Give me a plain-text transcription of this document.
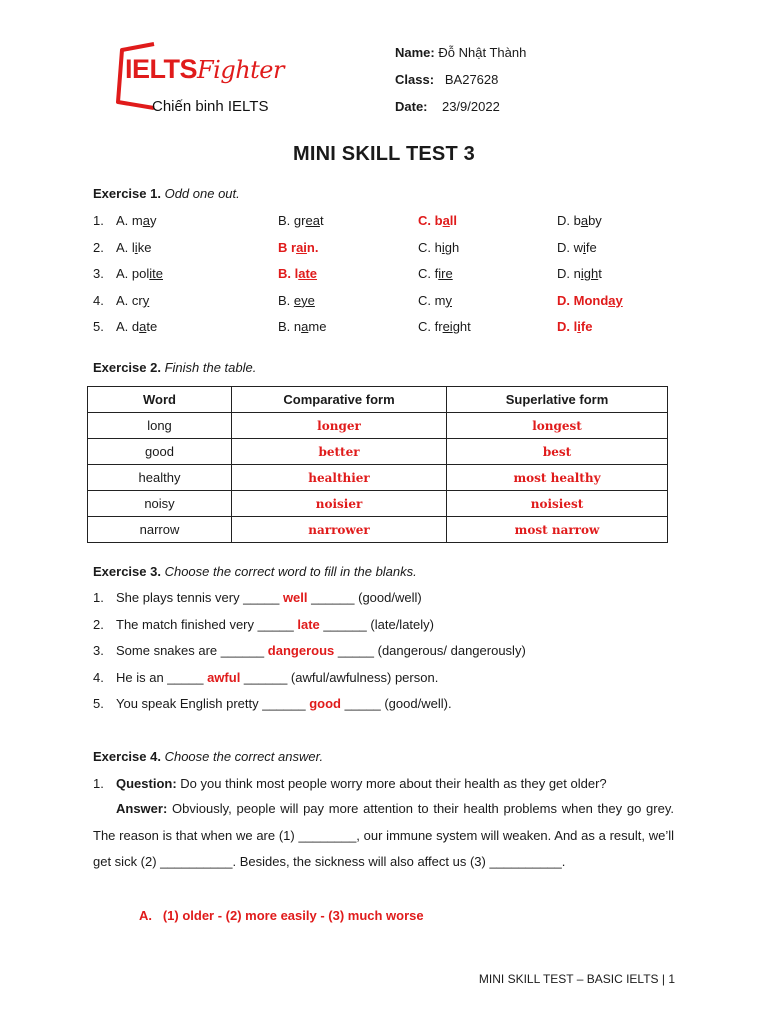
IELTSFighter
Chiến binh IELTS
Name: Đỗ Nhật Thành
Class: BA27628
Date: 23/9/2022
MINI SKILL TEST 3
Exercise 1. Odd one out.
1. A. may	B. great	C. ball	D. baby
2. A. like	B rain.	C. high	D. wife
3. A. polite	B. late	C. fire	D. night
4. A. cry	B. eye	C. my	D. Monday
5. A. date	B. name	C. freight	D. life
Exercise 2. Finish the table.
Word	Comparative form	Superlative form
long	longer	longest
good	better	best
healthy	healthier	most healthy
noisy	noisier	noisiest
narrow	narrower	most narrow
Exercise 3. Choose the correct word to fill in the blanks.
1. She plays tennis very _____ well ______ (good/well)
2. The match finished very _____ late ______ (late/lately)
3. Some snakes are ______ dangerous _____ (dangerous/ dangerously)
4. He is an _____ awful ______ (awful/awfulness) person.
5. You speak English pretty ______ good _____ (good/well).
Exercise 4. Choose the correct answer.
1. Question: Do you think most people worry more about their health as they get older?
Answer: Obviously, people will pay more attention to their health problems when they go grey. The reason is that when we are (1) ________, our immune system will weaken. And as a result, we’ll get sick (2) __________. Besides, the sickness will also affect us (3) __________.
A.   (1) older - (2) more easily - (3) much worse
MINI SKILL TEST – BASIC IELTS | 1
